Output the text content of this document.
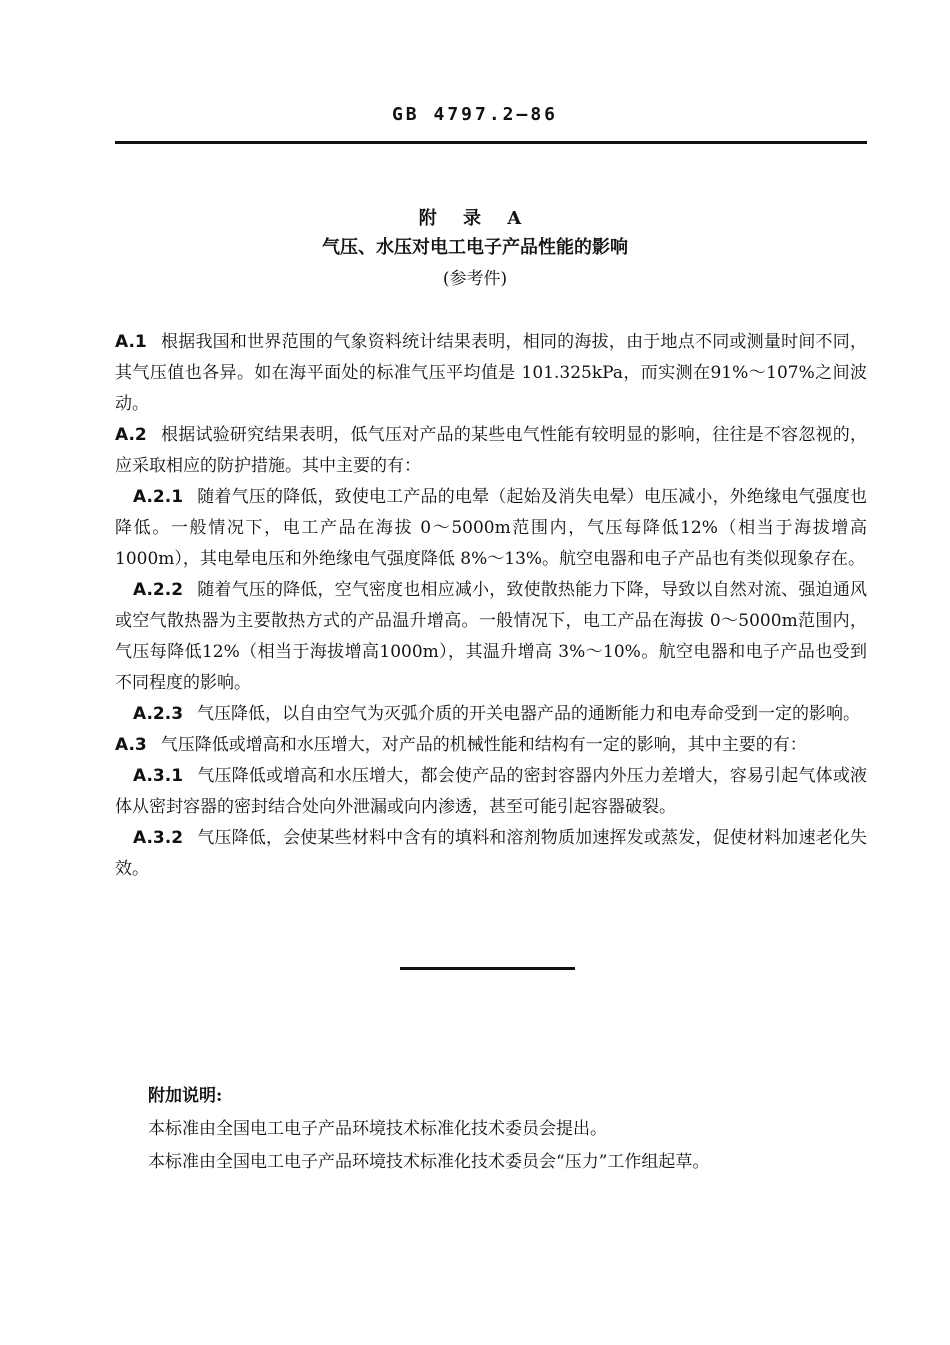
GB 4797.2—86
附 录 A
气压、水压对电工电子产品性能的影响
(参考件)

A.1 根据我国和世界范围的气象资料统计结果表明，相同的海拔，由于地点不同或测量时间不同，其气压值也各异。如在海平面处的标准气压平均值是 101.325kPa，而实测在91%～107%之间波动。

A.2 根据试验研究结果表明，低气压对产品的某些电气性能有较明显的影响，往往是不容忽视的，应采取相应的防护措施。其中主要的有：

A.2.1 随着气压的降低，致使电工产品的电晕（起始及消失电晕）电压减小，外绝缘电气强度也降低。一般情况下，电工产品在海拔 0～5000m范围内，气压每降低12%（相当于海拔增高1000m），其电晕电压和外绝缘电气强度降低 8%～13%。航空电器和电子产品也有类似现象存在。

A.2.2 随着气压的降低，空气密度也相应减小，致使散热能力下降，导致以自然对流、强迫通风或空气散热器为主要散热方式的产品温升增高。一般情况下，电工产品在海拔 0～5000m范围内，气压每降低12%（相当于海拔增高1000m），其温升增高 3%～10%。航空电器和电子产品也受到不同程度的影响。

A.2.3 气压降低，以自由空气为灭弧介质的开关电器产品的通断能力和电寿命受到一定的影响。

A.3 气压降低或增高和水压增大，对产品的机械性能和结构有一定的影响，其中主要的有：

A.3.1 气压降低或增高和水压增大，都会使产品的密封容器内外压力差增大，容易引起气体或液体从密封容器的密封结合处向外泄漏或向内渗透，甚至可能引起容器破裂。

A.3.2 气压降低，会使某些材料中含有的填料和溶剂物质加速挥发或蒸发，促使材料加速老化失效。

附加说明:

本标准由全国电工电子产品环境技术标准化技术委员会提出。

本标准由全国电工电子产品环境技术标准化技术委员会“压力”工作组起草。
